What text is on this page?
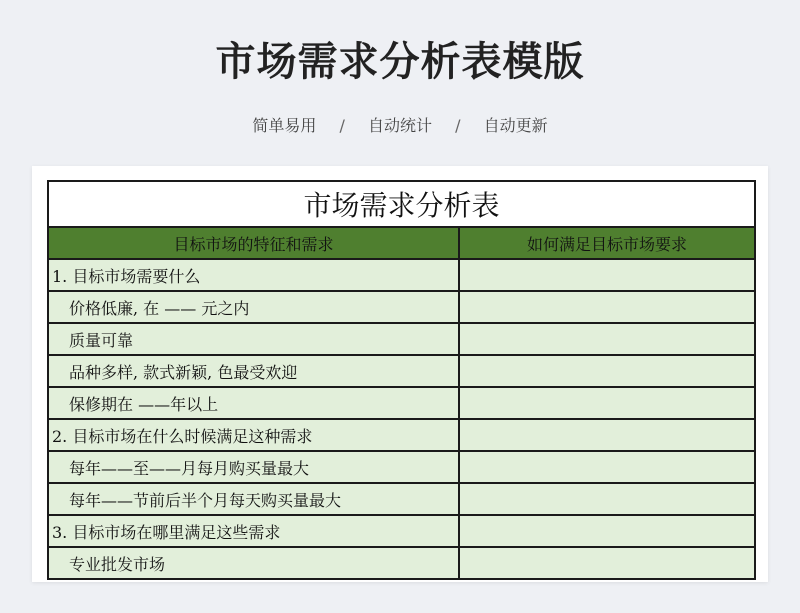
市场需求分析表模版
简单易用 / 自动统计 / 自动更新
市场需求分析表	
目标市场的特征和需求	如何满足目标市场要求
1. 目标市场需要什么	
价格低廉, 在 —— 元之内	
质量可靠	
品种多样, 款式新颖, 色最受欢迎	
保修期在 ——年以上	
2. 目标市场在什么时候满足这种需求	
每年——至——月每月购买量最大	
每年——节前后半个月每天购买量最大	
3. 目标市场在哪里满足这些需求	
专业批发市场	
